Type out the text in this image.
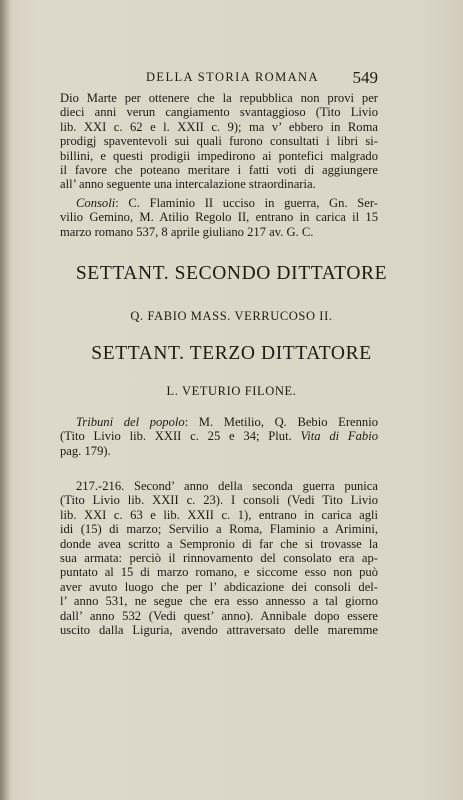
DELLA STORIA ROMANA 549

Dio Marte per ottenere che la repubblica non provi per
dieci anni verun cangiamento svantaggioso (Tito Livio
lib. XXI c. 62 e l. XXII c. 9); ma v’ ebbero in Roma
prodigj spaventevoli sui quali furono consultati i libri si-
billini, e questi prodigii impedirono ai pontefici malgrado
il favore che poteano meritare i fatti voti di aggiungere
all’ anno seguente una intercalazione straordinaria.

Consoli: C. Flaminio II ucciso in guerra, Gn. Ser-
vilio Gemino, M. Atilio Regolo II, entrano in carica il 15
marzo romano 537, 8 aprile giuliano 217 av. G. C.

SETTANT. SECONDO DITTATORE

Q. FABIO MASS. VERRUCOSO II.

SETTANT. TERZO DITTATORE

L. VETURIO FILONE.

Tribuni del popolo: M. Metilio, Q. Bebio Erennio
(Tito Livio lib. XXII c. 25 e 34; Plut. Vita di Fabio
pag. 179).

217.-216. Second’ anno della seconda guerra punica
(Tito Livio lib. XXII c. 23). I consoli (Vedi Tito Livio
lib. XXI c. 63 e lib. XXII c. 1), entrano in carica agli
idi (15) di marzo; Servilio a Roma, Flaminio a Arimini,
donde avea scritto a Sempronio di far che si trovasse la
sua armata: perciò il rinnovamento del consolato era ap-
puntato al 15 di marzo romano, e siccome esso non può
aver avuto luogo che per l’ abdicazione dei consoli del-
l’ anno 531, ne segue che era esso annesso a tal giorno
dall’ anno 532 (Vedi quest’ anno). Annibale dopo essere
uscito dalla Liguria, avendo attraversato delle maremme
